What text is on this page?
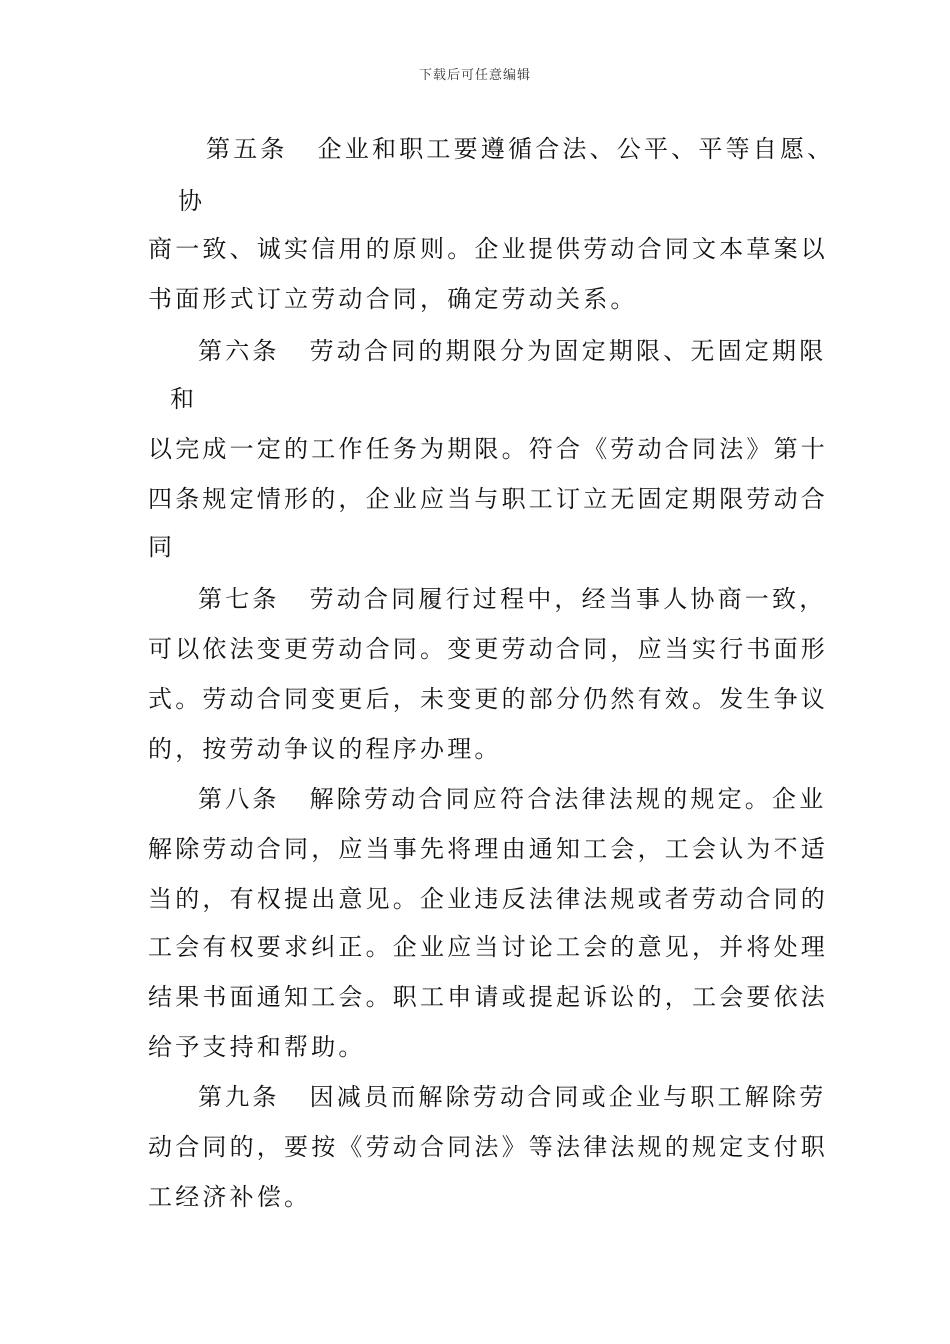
下载后可任意编辑
第五条 企业和职工要遵循合法、公平、平等自愿、
协
商一致、诚实信用的原则。企业提供劳动合同文本草案以
书面形式订立劳动合同，确定劳动关系。
第六条 劳动合同的期限分为固定期限、无固定期限
和
以完成一定的工作任务为期限。符合《劳动合同法》第十
四条规定情形的，企业应当与职工订立无固定期限劳动合
同
第七条 劳动合同履行过程中，经当事人协商一致，
可以依法变更劳动合同。变更劳动合同，应当实行书面形
式。劳动合同变更后，未变更的部分仍然有效。发生争议
的，按劳动争议的程序办理。
第八条 解除劳动合同应符合法律法规的规定。企业
解除劳动合同，应当事先将理由通知工会，工会认为不适
当的，有权提出意见。企业违反法律法规或者劳动合同的
工会有权要求纠正。企业应当讨论工会的意见，并将处理
结果书面通知工会。职工申请或提起诉讼的，工会要依法
给予支持和帮助。
第九条 因减员而解除劳动合同或企业与职工解除劳
动合同的，要按《劳动合同法》等法律法规的规定支付职
工经济补偿。
